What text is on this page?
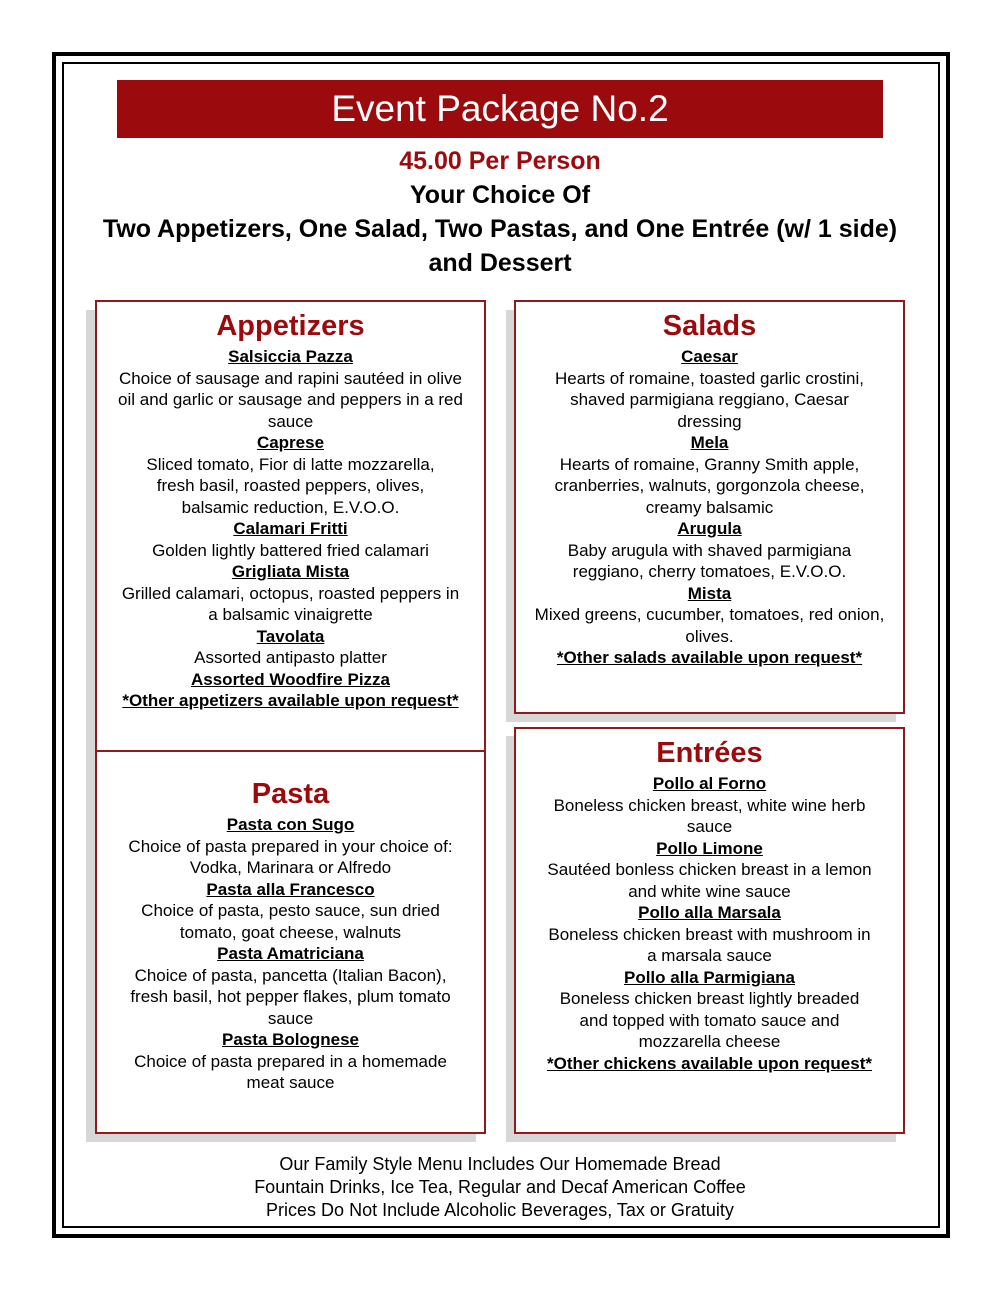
Event Package No.2
45.00 Per Person
Your Choice Of
Two Appetizers, One Salad, Two Pastas, and One Entrée (w/ 1 side)
and Dessert
Appetizers

Salsiccia Pazza

Choice of sausage and rapini sautéed in olive oil and garlic or sausage and peppers in a red sauce

Caprese

Sliced tomato, Fior di latte mozzarella, fresh basil, roasted peppers, olives, balsamic reduction, E.V.O.O.

Calamari Fritti

Golden lightly battered fried calamari

Grigliata Mista

Grilled calamari, octopus, roasted peppers in a balsamic vinaigrette

Tavolata

Assorted antipasto platter

Assorted Woodfire Pizza

*Other appetizers available upon request*

Salads

Caesar

Hearts of romaine, toasted garlic crostini, shaved parmigiana reggiano, Caesar dressing

Mela

Hearts of romaine, Granny Smith apple, cranberries, walnuts, gorgonzola cheese, creamy balsamic

Arugula

Baby arugula with shaved parmigiana reggiano, cherry tomatoes, E.V.O.O.

Mista

Mixed greens, cucumber, tomatoes, red onion, olives.

*Other salads available upon request*

Pasta

Pasta con Sugo

Choice of pasta prepared in your choice of: Vodka, Marinara or Alfredo

Pasta alla Francesco

Choice of pasta, pesto sauce, sun dried tomato, goat cheese, walnuts

Pasta Amatriciana

Choice of pasta, pancetta (Italian Bacon), fresh basil, hot pepper flakes, plum tomato sauce

Pasta Bolognese

Choice of pasta prepared in a homemade meat sauce

Entrées

Pollo al Forno

Boneless chicken breast, white wine herb sauce

Pollo Limone

Sautéed bonless chicken breast in a lemon and white wine sauce

Pollo alla Marsala

Boneless chicken breast with mushroom in a marsala sauce

Pollo alla Parmigiana

Boneless chicken breast lightly breaded and topped with tomato sauce and mozzarella cheese

*Other chickens available upon request*

Our Family Style Menu Includes Our Homemade Bread
Fountain Drinks, Ice Tea, Regular and Decaf American Coffee
Prices Do Not Include Alcoholic Beverages, Tax or Gratuity
